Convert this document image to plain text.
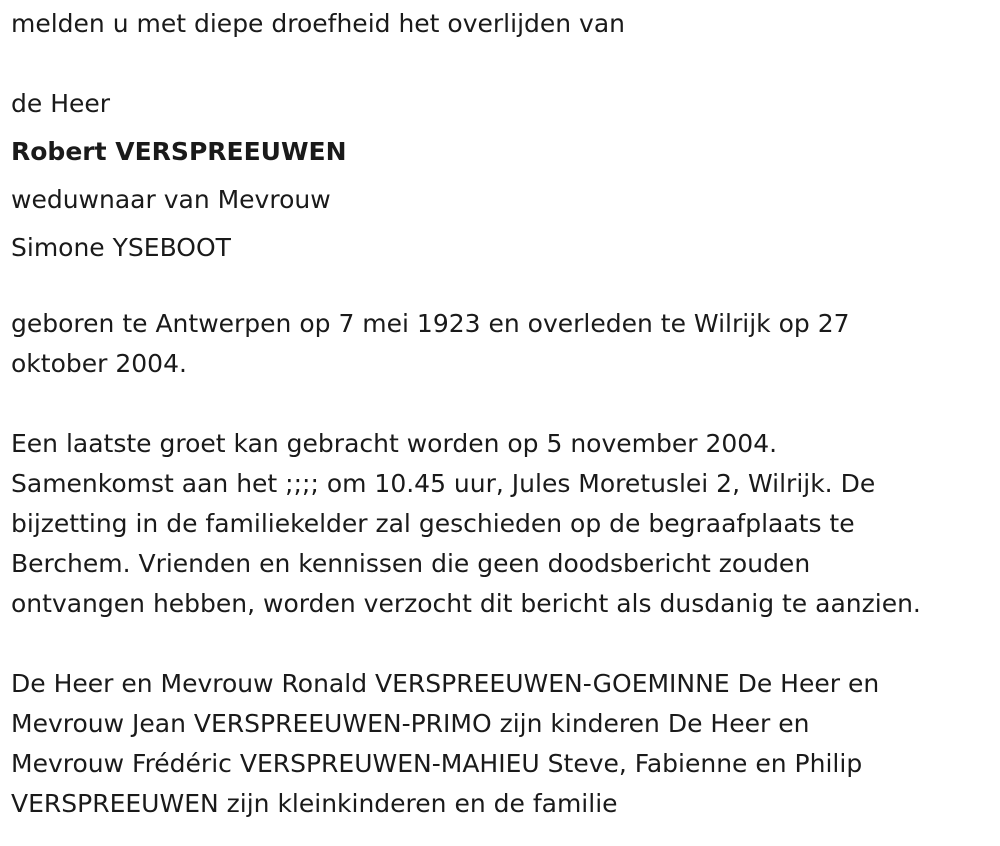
melden u met diepe droefheid het overlijden van

de Heer

Robert VERSPREEUWEN

weduwnaar van Mevrouw

Simone YSEBOOT

geboren te Antwerpen op 7 mei 1923 en overleden te Wilrijk op 27

oktober 2004.

Een laatste groet kan gebracht worden op 5 november 2004.

Samenkomst aan het ;;;; om 10.45 uur, Jules Moretuslei 2, Wilrijk. De

bijzetting in de familiekelder zal geschieden op de begraafplaats te

Berchem. Vrienden en kennissen die geen doodsbericht zouden

ontvangen hebben, worden verzocht dit bericht als dusdanig te aanzien.

De Heer en Mevrouw Ronald VERSPREEUWEN-GOEMINNE De Heer en

Mevrouw Jean VERSPREEUWEN-PRIMO zijn kinderen De Heer en

Mevrouw Frédéric VERSPREUWEN-MAHIEU Steve, Fabienne en Philip

VERSPREEUWEN zijn kleinkinderen en de familie
